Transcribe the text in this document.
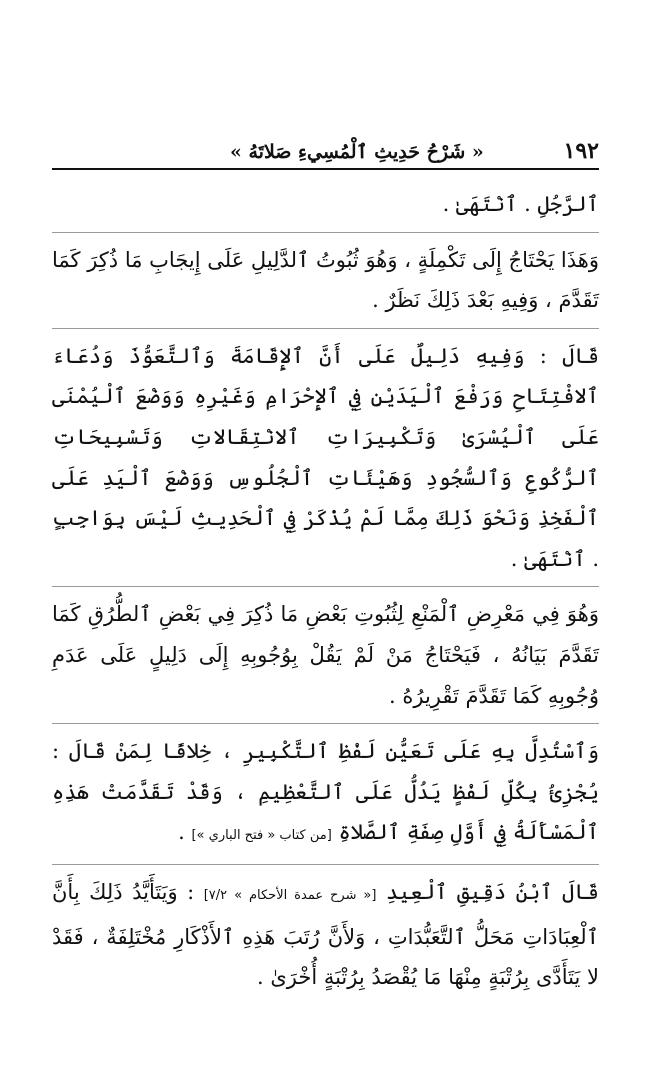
١٩٢
« شَرْحُ حَدِيثِ ٱلْمُسِيءِ صَلاتَهُ »

ٱلرَّجُلِ . ٱنْتَهَىٰ .

وَهَذَا يَحْتَاجُ إِلَى تَكْمِلَةٍ ، وَهُوَ ثُبُوتُ ٱلدَّلِيلِ عَلَى إِيجَابِ مَا ذُكِرَ كَمَا تَقَدَّمَ ، وَفِيهِ بَعْدَ ذَلِكَ نَظَرٌ .

قَالَ : وَفِيهِ دَلِيلٌ عَلَى أَنَّ ٱلإِقَامَةَ وَٱلتَّعَوُّذَ وَدُعَاءَ ٱلافْتِتَاحِ وَرَفْعَ ٱلْيَدَيْنِ فِي ٱلإِحْرَامِ وَغَيْرِهِ وَوَضْعَ ٱلْيُمْنَى عَلَى ٱلْيُسْرَىٰ وَتَكْبِيرَاتِ ٱلانْتِقَالاتِ وَتَسْبِيحَاتِ ٱلرُّكُوعِ وَٱلسُّجُودِ وَهَيْئَاتِ ٱلْجُلُوسِ وَوَضْعَ ٱلْيَدِ عَلَى ٱلْفَخِذِ وَنَحْوَ ذَلِكَ مِمَّا لَمْ يُذْكَرْ فِي ٱلْحَدِيثِ لَيْسَ بِوَاجِبٍ . ٱنْتَهَىٰ .

وَهُوَ فِي مَعْرِضِ ٱلْمَنْعِ لِثُبُوتِ بَعْضِ مَا ذُكِرَ فِي بَعْضِ ٱلطُّرُقِ كَمَا تَقَدَّمَ بَيَانُهُ ، فَيَحْتَاجُ مَنْ لَمْ يَقُلْ بِوُجُوبِهِ إِلَى دَلِيلٍ عَلَى عَدَمِ وُجُوبِهِ كَمَا تَقَدَّمَ تَقْرِيرُهُ .

وَٱسْتُدِلَّ بِهِ عَلَى تَعَيُّنِ لَفْظِ ٱلتَّكْبِيرِ ، خِلافًا لِمَنْ قَالَ : يُجْزِئُ بِكُلِّ لَفْظٍ يَدُلُّ عَلَى ٱلتَّعْظِيمِ ، وَقَدْ تَقَدَّمَتْ هَذِهِ ٱلْمَسْأَلَةُ فِي أَوَّلِ صِفَةِ ٱلصَّلاةِ [من كتاب « فتح الباري »] .

قَالَ ٱبْنُ دَقِيقِ ٱلْعِيدِ [« شرح عمدة الأحكام » ٧/٢] : وَيَتَأَيَّدُ ذَلِكَ بِأَنَّ ٱلْعِبَادَاتِ مَحَلُّ ٱلتَّعَبُّدَاتِ ، وَلأَنَّ رُتَبَ هَذِهِ ٱلأَذْكَارِ مُخْتَلِفَةٌ ، فَقَدْ لا يَتَأَدَّى بِرُتْبَةٍ مِنْهَا مَا يُقْصَدُ بِرُتْبَةٍ أُخْرَىٰ .
